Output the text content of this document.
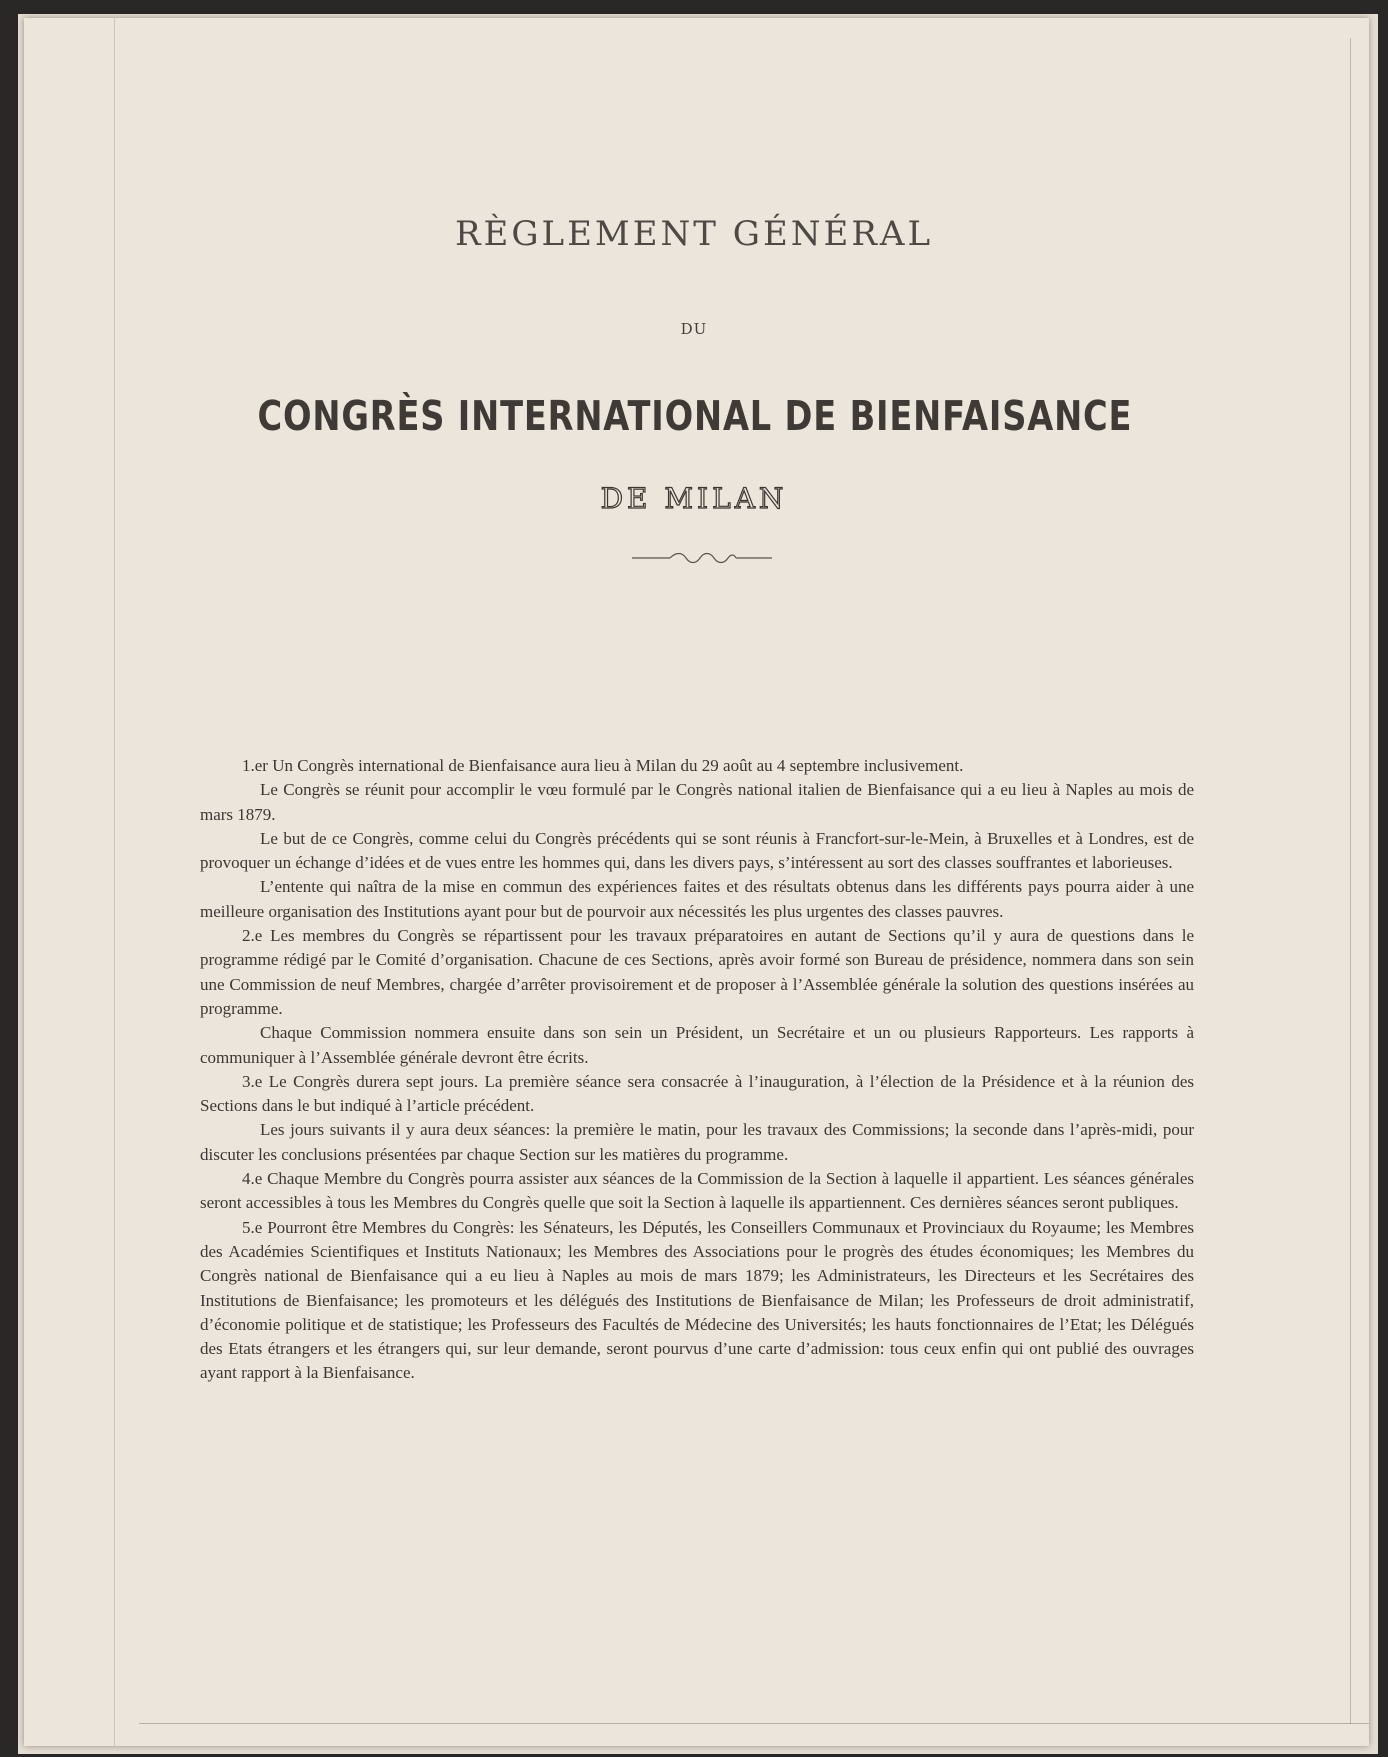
RÈGLEMENT GÉNÉRAL
DU
CONGRÈS INTERNATIONAL DE BIENFAISANCE
DE MILAN

1.er Un Congrès international de Bienfaisance aura lieu à Milan du 29 août au 4 septembre inclusivement.

Le Congrès se réunit pour accomplir le vœu formulé par le Congrès national italien de Bienfaisance qui a eu lieu à Naples au mois de mars 1879.

Le but de ce Congrès, comme celui du Congrès précédents qui se sont réunis à Francfort-sur-le-Mein, à Bruxelles et à Londres, est de provoquer un échange d’idées et de vues entre les hommes qui, dans les divers pays, s’intéressent au sort des classes souffrantes et laborieuses.

L’entente qui naîtra de la mise en commun des expériences faites et des résultats obtenus dans les différents pays pourra aider à une meilleure organisation des Institutions ayant pour but de pourvoir aux nécessités les plus urgentes des classes pauvres.

2.e Les membres du Congrès se répartissent pour les travaux préparatoires en autant de Sections qu’il y aura de questions dans le programme rédigé par le Comité d’organisation. Chacune de ces Sections, après avoir formé son Bureau de présidence, nommera dans son sein une Commission de neuf Membres, chargée d’arrêter provisoirement et de proposer à l’Assemblée générale la solution des questions insérées au programme.

Chaque Commission nommera ensuite dans son sein un Président, un Secrétaire et un ou plusieurs Rapporteurs. Les rapports à communiquer à l’Assemblée générale devront être écrits.

3.e Le Congrès durera sept jours. La première séance sera consacrée à l’inauguration, à l’élection de la Présidence et à la réunion des Sections dans le but indiqué à l’article précédent.

Les jours suivants il y aura deux séances: la première le matin, pour les travaux des Commissions; la seconde dans l’après-midi, pour discuter les conclusions présentées par chaque Section sur les matières du programme.

4.e Chaque Membre du Congrès pourra assister aux séances de la Commission de la Section à laquelle il appartient. Les séances générales seront accessibles à tous les Membres du Congrès quelle que soit la Section à laquelle ils appartiennent. Ces dernières séances seront publiques.

5.e Pourront être Membres du Congrès: les Sénateurs, les Députés, les Conseillers Communaux et Provinciaux du Royaume; les Membres des Académies Scientifiques et Instituts Nationaux; les Membres des Associations pour le progrès des études économiques; les Membres du Congrès national de Bienfaisance qui a eu lieu à Naples au mois de mars 1879; les Administrateurs, les Directeurs et les Secrétaires des Institutions de Bienfaisance; les promoteurs et les délégués des Institutions de Bienfaisance de Milan; les Professeurs de droit administratif, d’économie politique et de statistique; les Professeurs des Facultés de Médecine des Universités; les hauts fonctionnaires de l’Etat; les Délégués des Etats étrangers et les étrangers qui, sur leur demande, seront pourvus d’une carte d’admission: tous ceux enfin qui ont publié des ouvrages ayant rapport à la Bienfaisance.
